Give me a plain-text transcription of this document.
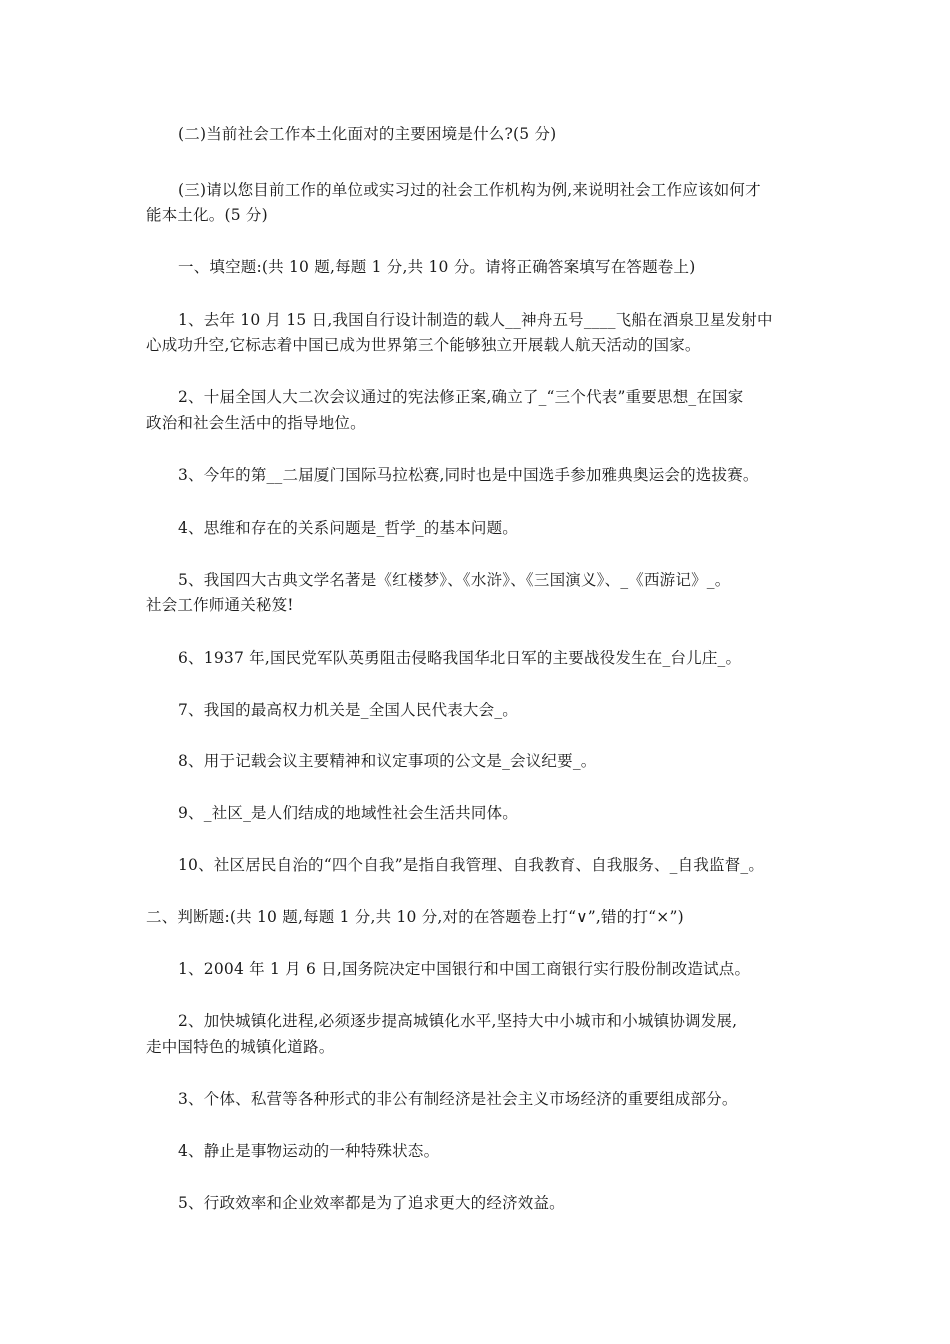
(二)当前社会工作本土化面对的主要困境是什么?(5 分)
(三)请以您目前工作的单位或实习过的社会工作机构为例,来说明社会工作应该如何才
能本土化。(5 分)
一、填空题:(共 10 题,每题 1 分,共 10 分。请将正确答案填写在答题卷上)
1、去年 10 月 15 日,我国自行设计制造的载人__神舟五号____飞船在酒泉卫星发射中
心成功升空,它标志着中国已成为世界第三个能够独立开展载人航天活动的国家。
2、十届全国人大二次会议通过的宪法修正案,确立了_“三个代表”重要思想_在国家
政治和社会生活中的指导地位。
3、今年的第__二届厦门国际马拉松赛,同时也是中国选手参加雅典奥运会的选拔赛。
4、思维和存在的关系问题是_哲学_的基本问题。
5、我国四大古典文学名著是《红楼梦》、《水浒》、《三国演义》、_《西游记》_。
社会工作师通关秘笈!
6、1937 年,国民党军队英勇阻击侵略我国华北日军的主要战役发生在_台儿庄_。
7、我国的最高权力机关是_全国人民代表大会_。
8、用于记载会议主要精神和议定事项的公文是_会议纪要_。
9、_社区_是人们结成的地域性社会生活共同体。
10、社区居民自治的“四个自我”是指自我管理、自我教育、自我服务、_自我监督_。
二、判断题:(共 10 题,每题 1 分,共 10 分,对的在答题卷上打“∨”,错的打“×”)
1、2004 年 1 月 6 日,国务院决定中国银行和中国工商银行实行股份制改造试点。
2、加快城镇化进程,必须逐步提高城镇化水平,坚持大中小城市和小城镇协调发展,
走中国特色的城镇化道路。
3、个体、私营等各种形式的非公有制经济是社会主义市场经济的重要组成部分。
4、静止是事物运动的一种特殊状态。
5、行政效率和企业效率都是为了追求更大的经济效益。
